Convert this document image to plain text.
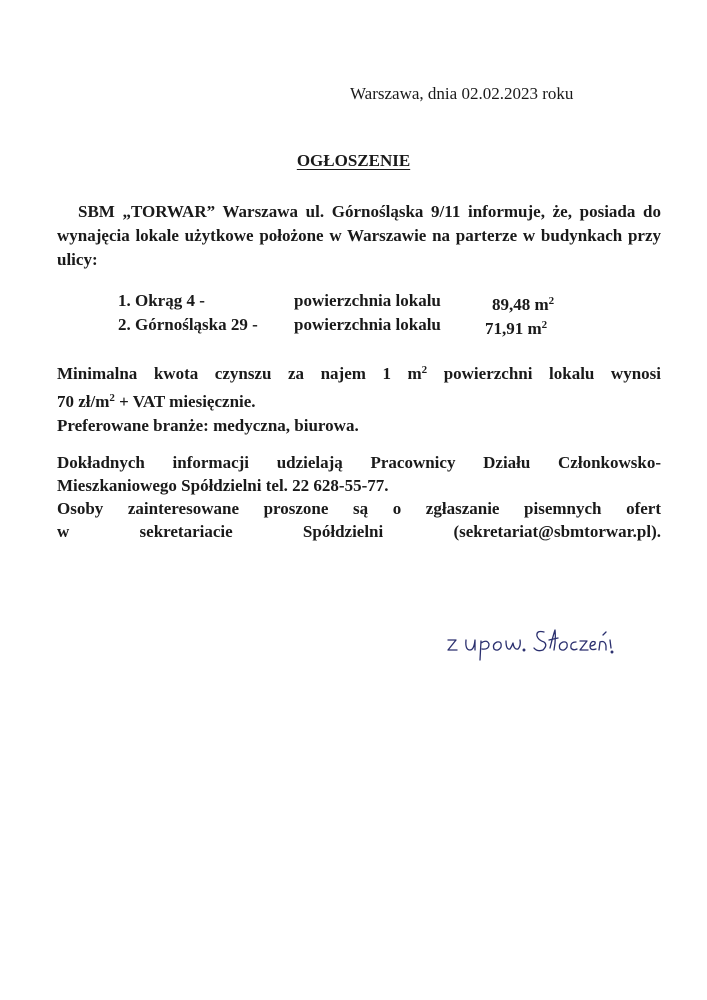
Warszawa, dnia 02.02.2023 roku
OGŁOSZENIE

SBM „TORWAR” Warszawa ul. Górnośląska 9/11 informuje, że, posiada do wynajęcia lokale użytkowe położone w Warszawie na parterze w budynkach przy ulicy:

1. Okrąg 4 -	powierzchnia lokalu	89,48 $m^2$
2. Górnośląska 29 - powierzchnia lokalu	71,91 $m^2$
Minimalna kwota czynszu za najem 1 $m^2$ powierzchni lokalu wynosi
70 $zł/m^2$ + VAT miesięcznie.
Preferowane branże: medyczna, biurowa.
Dokładnych informacji udzielają Pracownicy Działu Członkowsko-
Mieszkaniowego Spółdzielni tel. 22 628-55-77.
Osoby zainteresowane proszone są o zgłaszanie pisemnych ofert
w sekretariacie Spółdzielni (sekretariat@sbmtorwar.pl).
